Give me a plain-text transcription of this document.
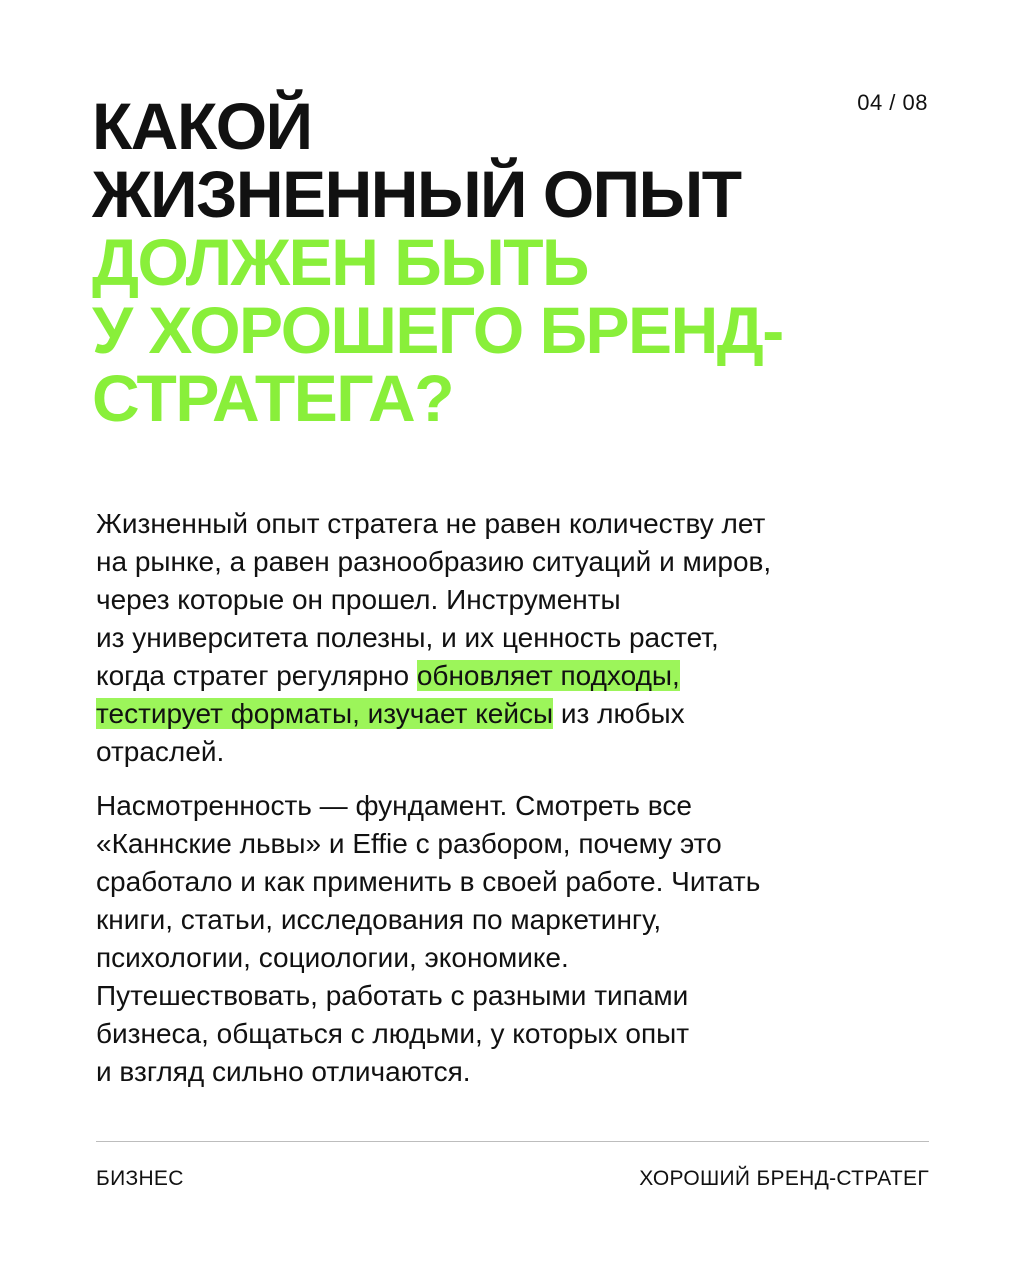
04 / 08
КАКОЙ
ЖИЗНЕННЫЙ ОПЫТ
ДОЛЖЕН БЫТЬ
У ХОРОШЕГО БРЕНД-
СТРАТЕГА?
Жизненный опыт стратега не равен количеству лет
на рынке, а равен разнообразию ситуаций и миров,
через которые он прошел. Инструменты
из университета полезны, и их ценность растет,
когда стратег регулярно обновляет подходы,
тестирует форматы, изучает кейсы из любых
отраслей.
Насмотренность — фундамент. Смотреть все
«Каннские львы» и Effie с разбором, почему это
сработало и как применить в своей работе. Читать
книги, статьи, исследования по маркетингу,
психологии, социологии, экономике.
Путешествовать, работать с разными типами
бизнеса, общаться с людьми, у которых опыт
и взгляд сильно отличаются.
БИЗНЕС	ХОРОШИЙ БРЕНД-СТРАТЕГ
